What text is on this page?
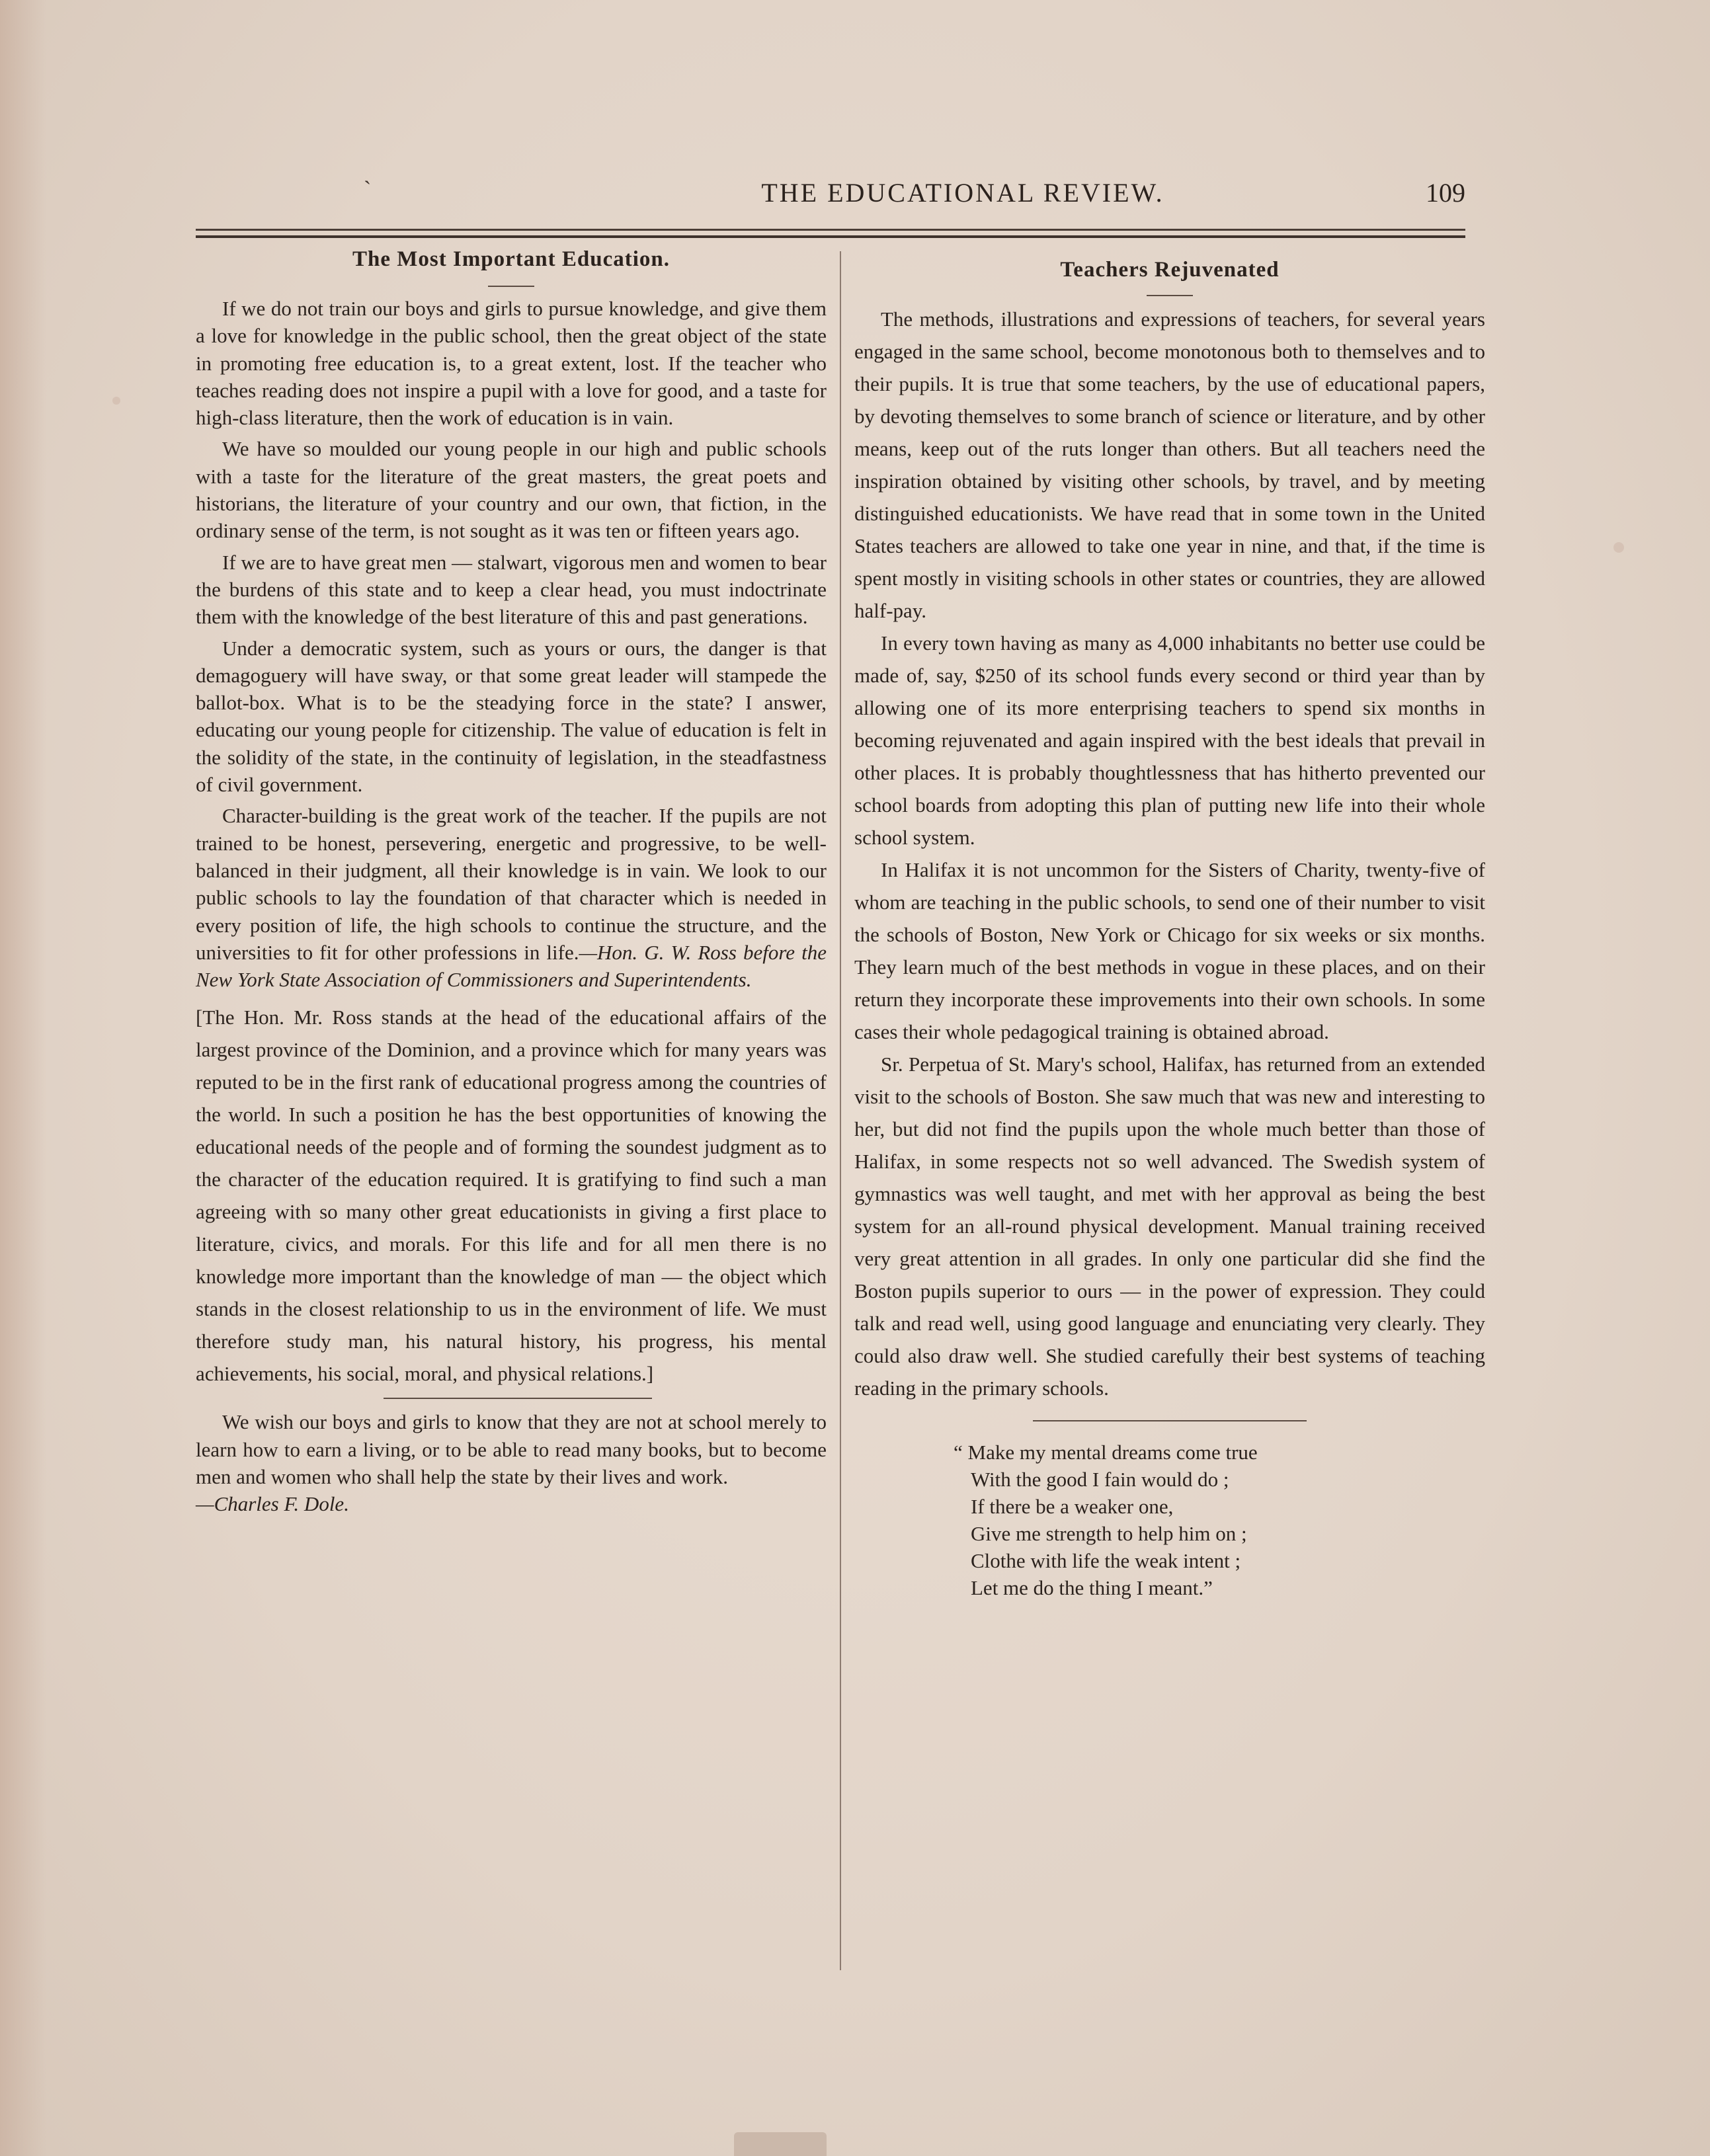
`	THE EDUCATIONAL REVIEW.	109
The Most Important Education.

If we do not train our boys and girls to pursue knowledge, and give them a love for knowledge in the public school, then the great object of the state in promoting free education is, to a great extent, lost. If the teacher who teaches reading does not inspire a pupil with a love for good, and a taste for high-class literature, then the work of education is in vain.

We have so moulded our young people in our high and public schools with a taste for the literature of the great masters, the great poets and historians, the literature of your country and our own, that fiction, in the ordinary sense of the term, is not sought as it was ten or fifteen years ago.

If we are to have great men — stalwart, vigorous men and women to bear the burdens of this state and to keep a clear head, you must indoctrinate them with the knowledge of the best literature of this and past generations.

Under a democratic system, such as yours or ours, the danger is that demagoguery will have sway, or that some great leader will stampede the ballot-box. What is to be the steadying force in the state? I answer, educating our young people for citizenship. The value of education is felt in the solidity of the state, in the continuity of legislation, in the steadfastness of civil government.

Character-building is the great work of the teacher. If the pupils are not trained to be honest, persevering, energetic and progressive, to be well-balanced in their judgment, all their knowledge is in vain. We look to our public schools to lay the foundation of that character which is needed in every position of life, the high schools to continue the structure, and the universities to fit for other professions in life.—Hon. G. W. Ross before the New York State Association of Commissioners and Superintendents.

[The Hon. Mr. Ross stands at the head of the educational affairs of the largest province of the Dominion, and a province which for many years was reputed to be in the first rank of educational progress among the countries of the world. In such a position he has the best opportunities of knowing the educational needs of the people and of forming the soundest judgment as to the character of the education required. It is gratifying to find such a man agreeing with so many other great educationists in giving a first place to literature, civics, and morals. For this life and for all men there is no knowledge more important than the knowledge of man — the object which stands in the closest relationship to us in the environment of life. We must therefore study man, his natural history, his progress, his mental achievements, his social, moral, and physical relations.]

We wish our boys and girls to know that they are not at school merely to learn how to earn a living, or to be able to read many books, but to become men and women who shall help the state by their lives and work.
—Charles F. Dole.

Teachers Rejuvenated

The methods, illustrations and expressions of teachers, for several years engaged in the same school, become monotonous both to themselves and to their pupils. It is true that some teachers, by the use of educational papers, by devoting themselves to some branch of science or literature, and by other means, keep out of the ruts longer than others. But all teachers need the inspiration obtained by visiting other schools, by travel, and by meeting distinguished educationists. We have read that in some town in the United States teachers are allowed to take one year in nine, and that, if the time is spent mostly in visiting schools in other states or countries, they are allowed half-pay.

In every town having as many as 4,000 inhabitants no better use could be made of, say, $250 of its school funds every second or third year than by allowing one of its more enterprising teachers to spend six months in becoming rejuvenated and again inspired with the best ideals that prevail in other places. It is probably thoughtlessness that has hitherto prevented our school boards from adopting this plan of putting new life into their whole school system.

In Halifax it is not uncommon for the Sisters of Charity, twenty-five of whom are teaching in the public schools, to send one of their number to visit the schools of Boston, New York or Chicago for six weeks or six months. They learn much of the best methods in vogue in these places, and on their return they incorporate these improvements into their own schools. In some cases their whole pedagogical training is obtained abroad.

Sr. Perpetua of St. Mary's school, Halifax, has returned from an extended visit to the schools of Boston. She saw much that was new and interesting to her, but did not find the pupils upon the whole much better than those of Halifax, in some respects not so well advanced. The Swedish system of gymnastics was well taught, and met with her approval as being the best system for an all-round physical development. Manual training received very great attention in all grades. In only one particular did she find the Boston pupils superior to ours — in the power of expression. They could talk and read well, using good language and enunciating very clearly. They could also draw well. She studied carefully their best systems of teaching reading in the primary schools.

“ Make my mental dreams come true
With the good I fain would do ;
If there be a weaker one,
Give me strength to help him on ;
Clothe with life the weak intent ;
Let me do the thing I meant.”
